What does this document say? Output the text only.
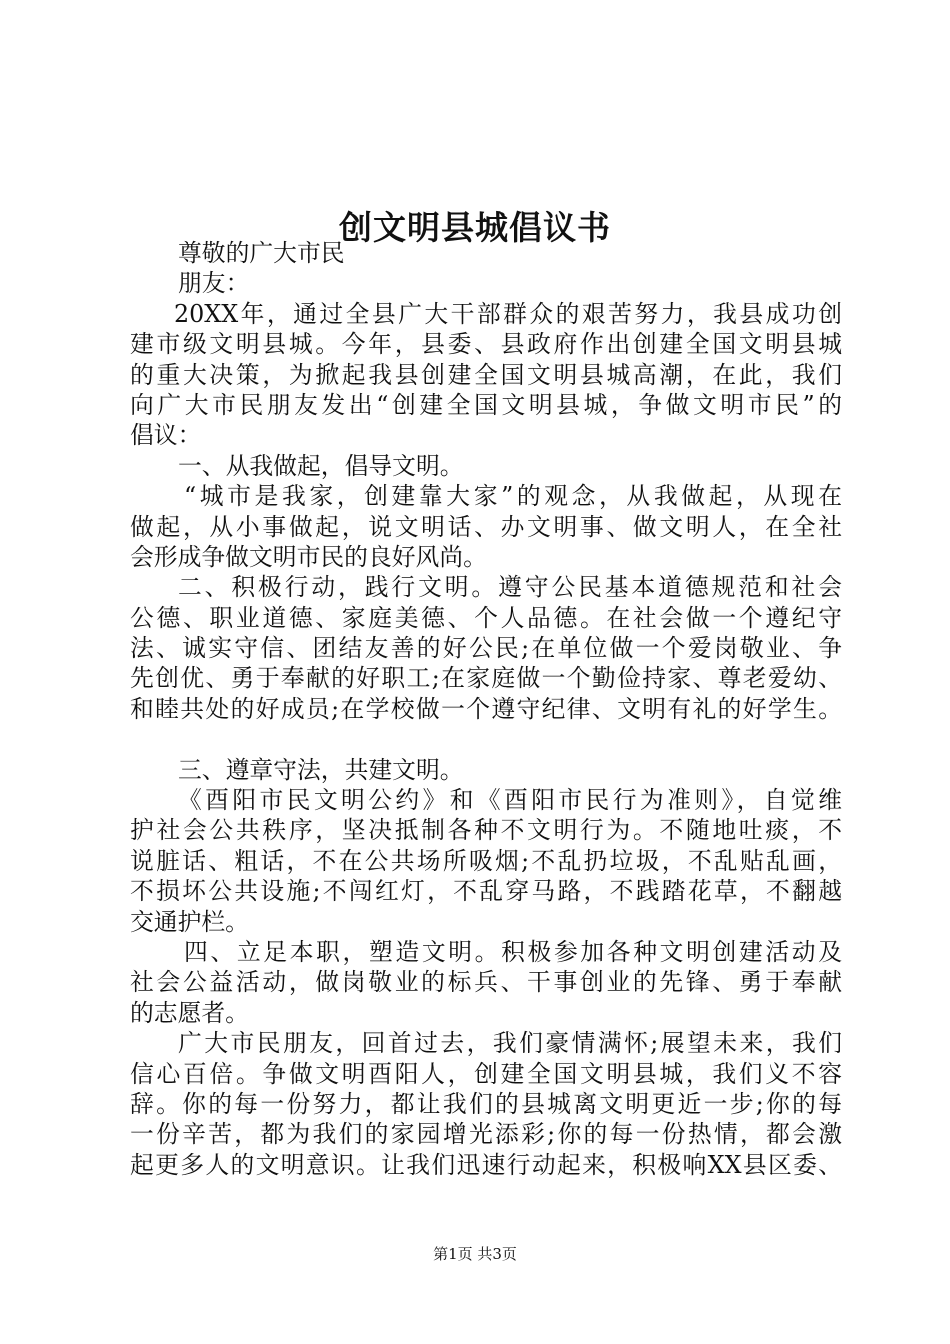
创文明县城倡议书
尊敬的广大市民
朋友：
20XX年，通过全县广大干部群众的艰苦努力，我县成功创
建市级文明县城。今年，县委、县政府作出创建全国文明县城
的重大决策，为掀起我县创建全国文明县城高潮，在此，我们
向广大市民朋友发出“创建全国文明县城，争做文明市民”的
倡议：
一、从我做起，倡导文明。
“城市是我家，创建靠大家”的观念，从我做起，从现在
做起，从小事做起，说文明话、办文明事、做文明人，在全社
会形成争做文明市民的良好风尚。
二、积极行动，践行文明。遵守公民基本道德规范和社会
公德、职业道德、家庭美德、个人品德。在社会做一个遵纪守
法、诚实守信、团结友善的好公民;在单位做一个爱岗敬业、争
先创优、勇于奉献的好职工;在家庭做一个勤俭持家、尊老爱幼、
和睦共处的好成员;在学校做一个遵守纪律、文明有礼的好学生。
三、遵章守法，共建文明。
《酉阳市民文明公约》和《酉阳市民行为准则》，自觉维
护社会公共秩序，坚决抵制各种不文明行为。不随地吐痰，不
说脏话、粗话，不在公共场所吸烟;不乱扔垃圾，不乱贴乱画，
不损坏公共设施;不闯红灯，不乱穿马路，不践踏花草，不翻越
交通护栏。
四、立足本职，塑造文明。积极参加各种文明创建活动及
社会公益活动，做岗敬业的标兵、干事创业的先锋、勇于奉献
的志愿者。
广大市民朋友，回首过去，我们豪情满怀;展望未来，我们
信心百倍。争做文明酉阳人，创建全国文明县城，我们义不容
辞。你的每一份努力，都让我们的县城离文明更近一步;你的每
一份辛苦，都为我们的家园增光添彩;你的每一份热情，都会激
起更多人的文明意识。让我们迅速行动起来，积极响XX县区委、
第1页 共3页
